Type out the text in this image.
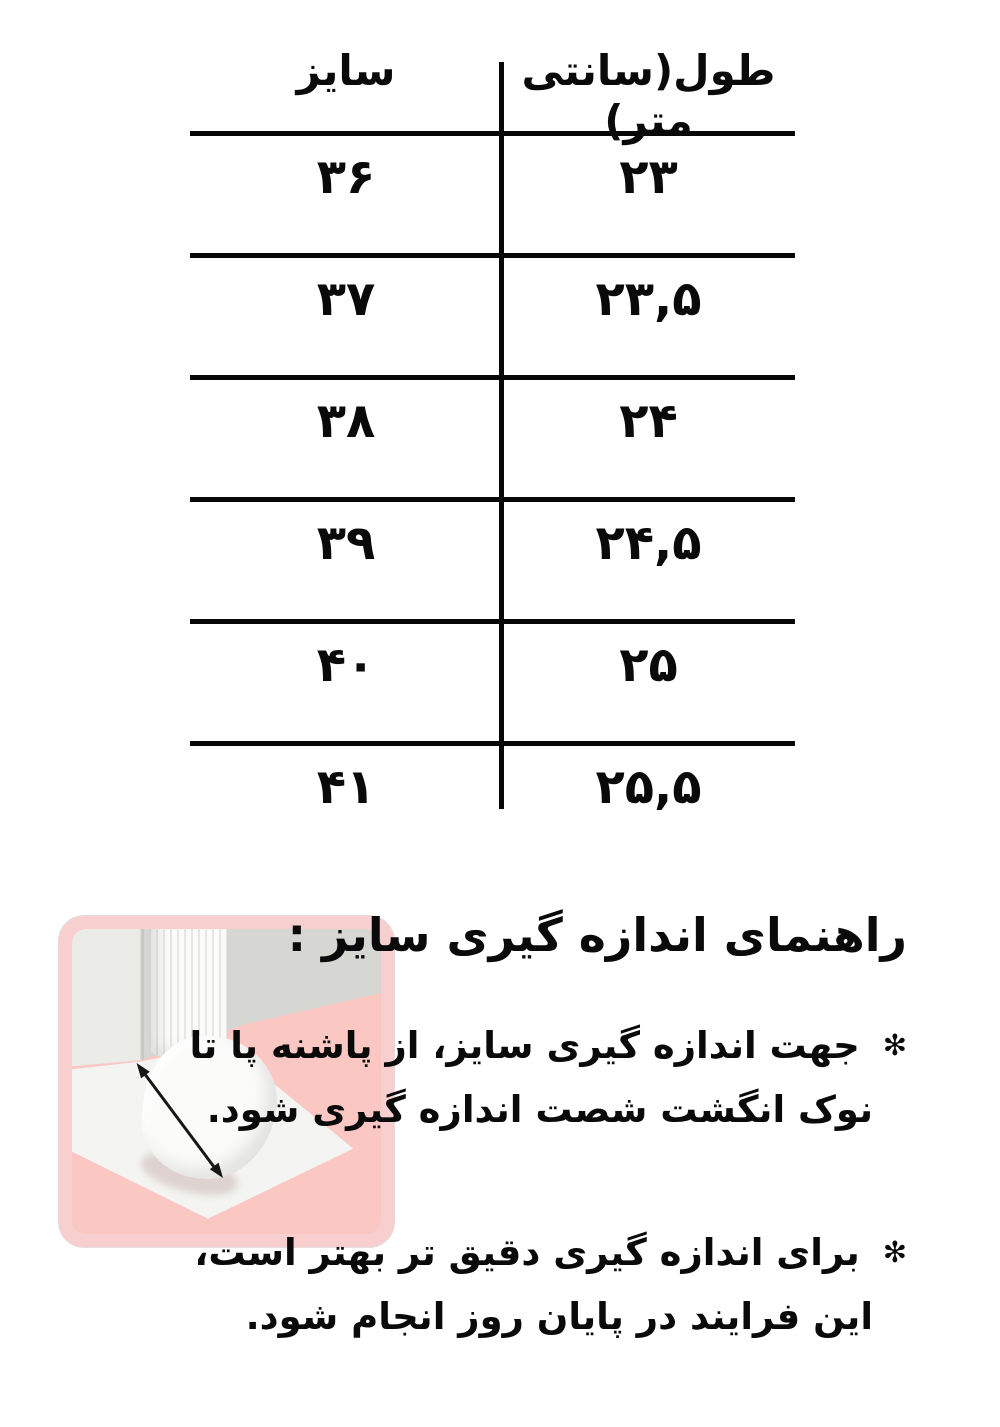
سایز	طول(سانتی متر)
۳۶	۲۳
۳۷	۲۳,۵
۳۸	۲۴
۳۹	۲۴,۵
۴۰	۲۵
۴۱	۲۵,۵
راهنمای اندازه گیری سایز :
✻ جهت اندازه گیری سایز، از پاشنه پا تا
نوک انگشت شصت اندازه گیری شود.
✻ برای اندازه گیری دقیق تر بهتر است،
این فرایند در پایان روز انجام شود.
